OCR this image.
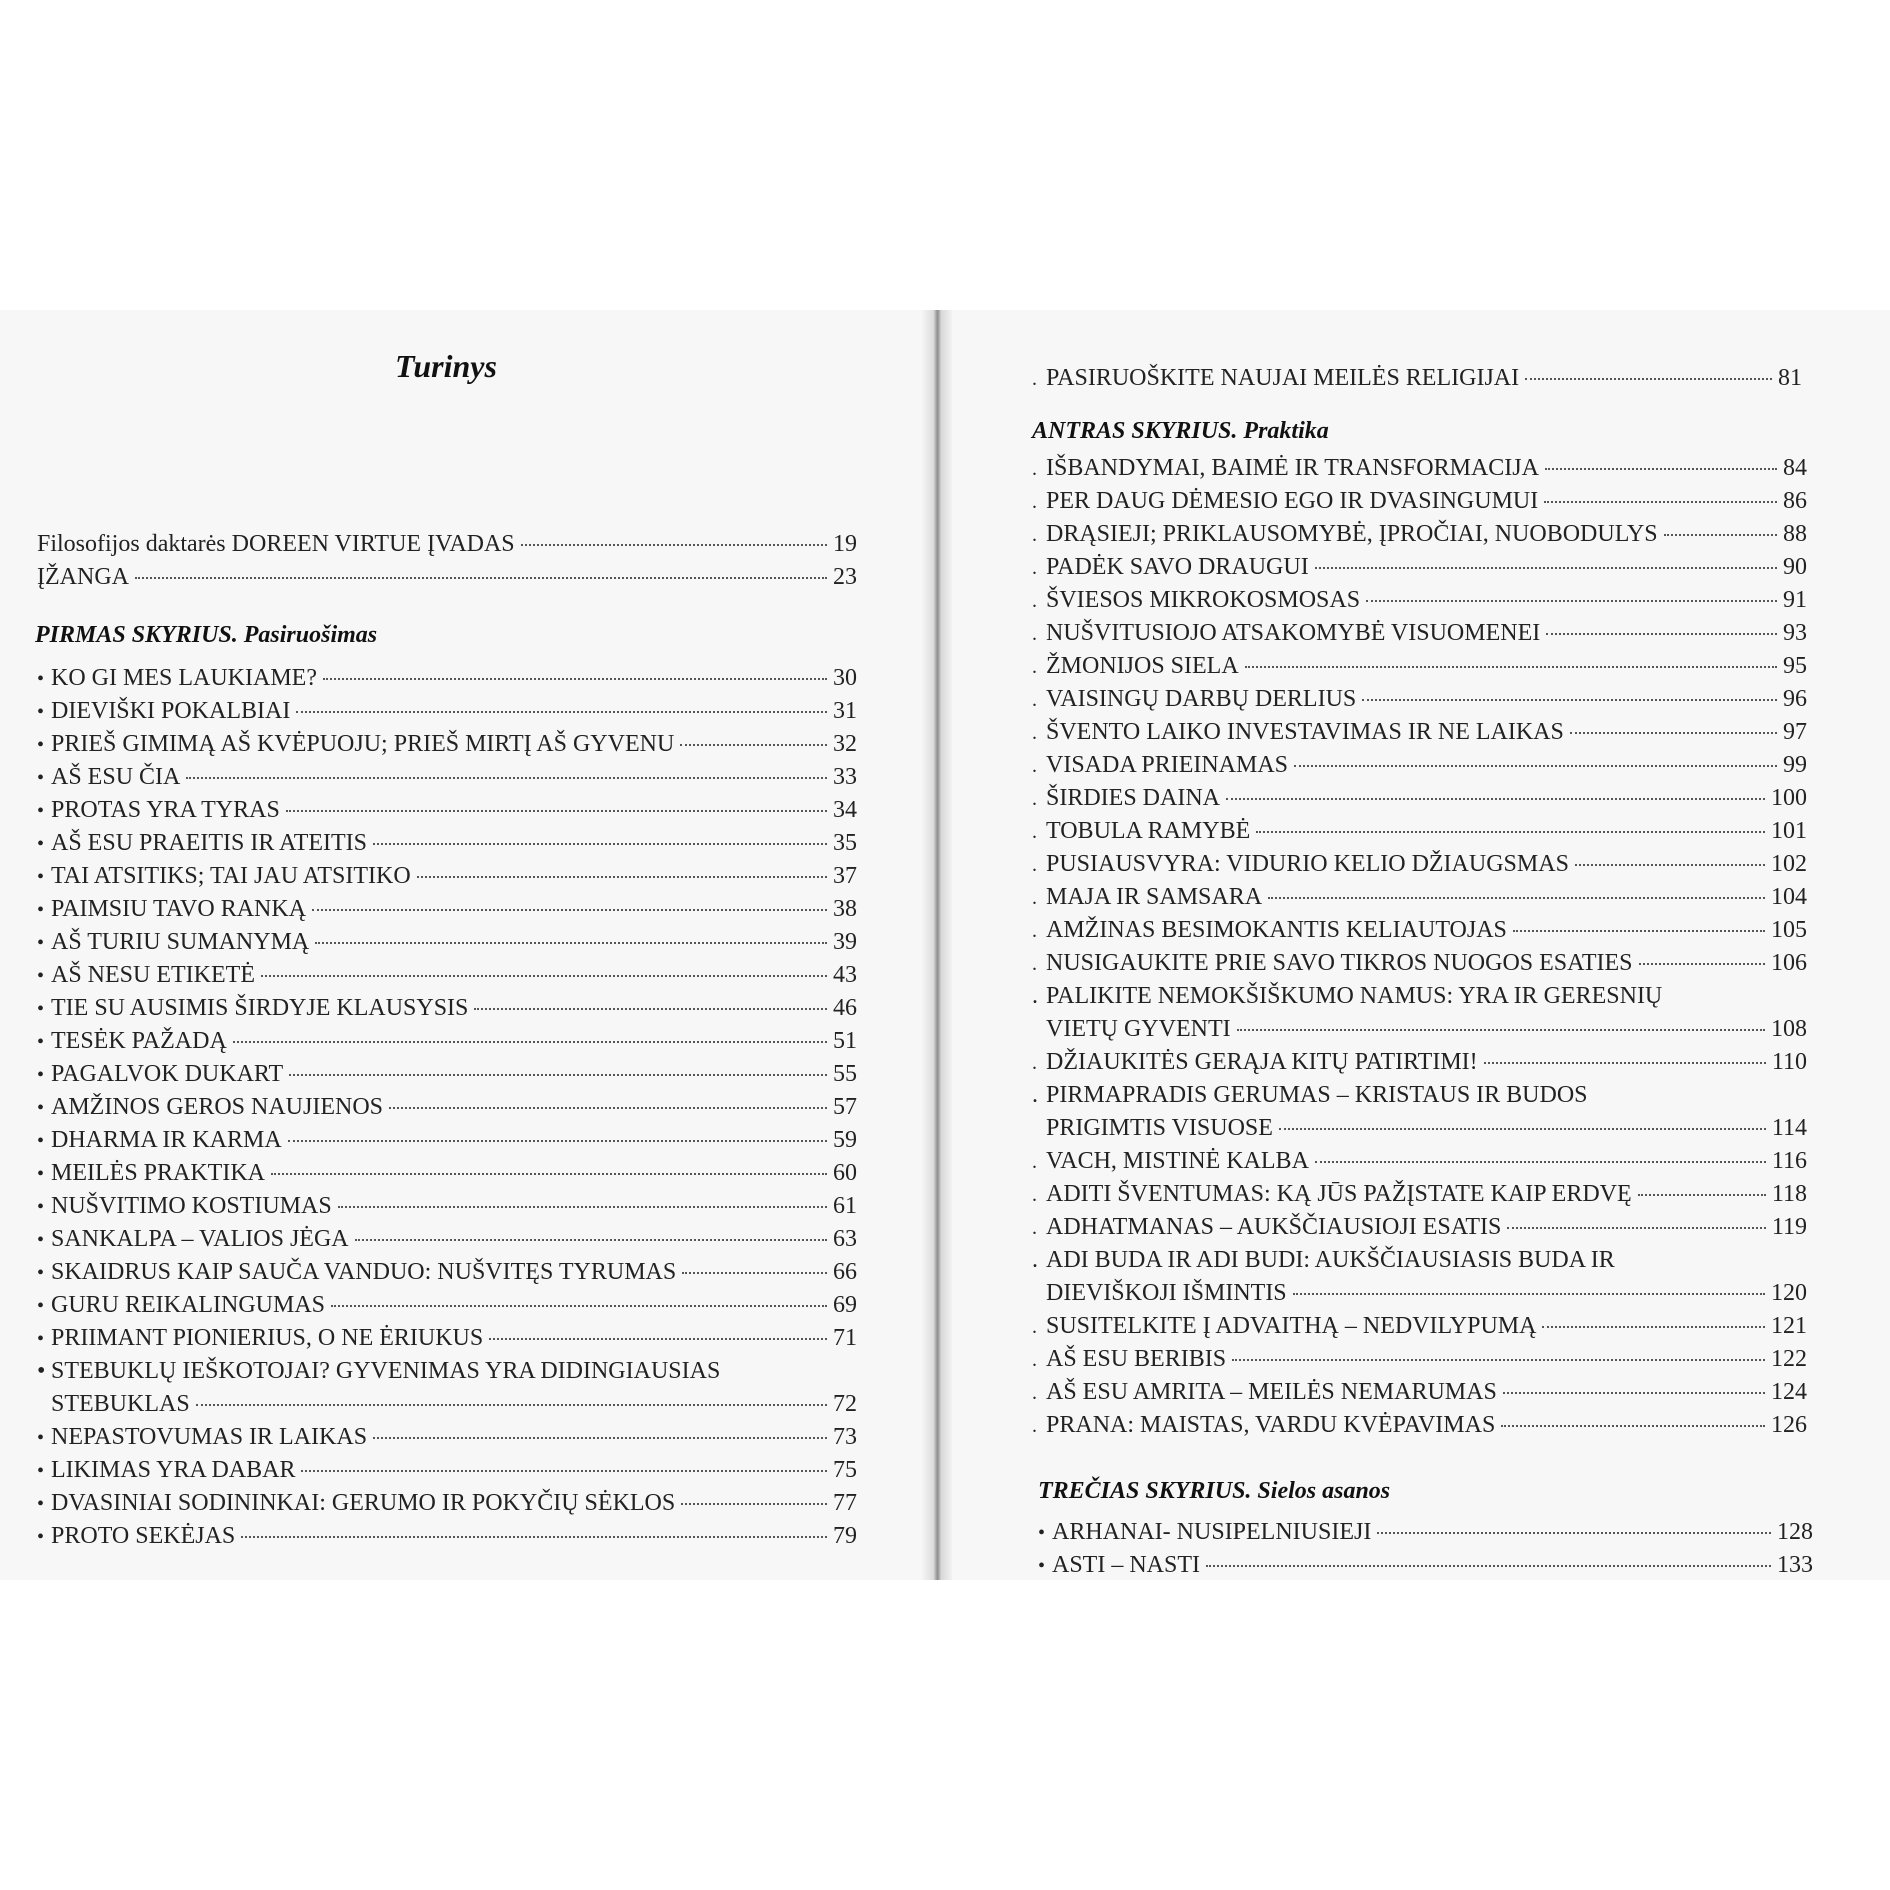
Turinys
Filosofijos daktarės DOREEN VIRTUE ĮVADAS	19
ĮŽANGA	23
PIRMAS SKYRIUS. Pasiruošimas
• KO GI MES LAUKIAME?	30
• DIEVIŠKI POKALBIAI	31
• PRIEŠ GIMIMĄ AŠ KVĖPUOJU; PRIEŠ MIRTĮ AŠ GYVENU	32
• AŠ ESU ČIA	33
• PROTAS YRA TYRAS	34
• AŠ ESU PRAEITIS IR ATEITIS	35
• TAI ATSITIKS; TAI JAU ATSITIKO	37
• PAIMSIU TAVO RANKĄ	38
• AŠ TURIU SUMANYMĄ	39
• AŠ NESU ETIKETĖ	43
• TIE SU AUSIMIS ŠIRDYJE KLAUSYSIS	46
• TESĖK PAŽADĄ	51
• PAGALVOK DUKART	55
• AMŽINOS GEROS NAUJIENOS	57
• DHARMA IR KARMA	59
• MEILĖS PRAKTIKA	60
• NUŠVITIMO KOSTIUMAS	61
• SANKALPA – VALIOS JĖGA	63
• SKAIDRUS KAIP SAUČA VANDUO: NUŠVITĘS TYRUMAS	66
• GURU REIKALINGUMAS	69
• PRIIMANT PIONIERIUS, O NE ĖRIUKUS	71
• STEBUKLŲ IEŠKOTOJAI? GYVENIMAS YRA DIDINGIAUSIAS
STEBUKLAS	72
• NEPASTOVUMAS IR LAIKAS	73
• LIKIMAS YRA DABAR	75
• DVASINIAI SODININKAI: GERUMO IR POKYČIŲ SĖKLOS	77
• PROTO SEKĖJAS	79
. PASIRUOŠKITE NAUJAI MEILĖS RELIGIJAI	81
ANTRAS SKYRIUS. Praktika
. IŠBANDYMAI, BAIMĖ IR TRANSFORMACIJA	84
. PER DAUG DĖMESIO EGO IR DVASINGUMUI	86
. DRĄSIEJI; PRIKLAUSOMYBĖ, ĮPROČIAI, NUOBODULYS	88
. PADĖK SAVO DRAUGUI	90
. ŠVIESOS MIKROKOSMOSAS	91
. NUŠVITUSIOJO ATSAKOMYBĖ VISUOMENEI	93
. ŽMONIJOS SIELA	95
. VAISINGŲ DARBŲ DERLIUS	96
. ŠVENTO LAIKO INVESTAVIMAS IR NE LAIKAS	97
. VISADA PRIEINAMAS	99
. ŠIRDIES DAINA	100
. TOBULA RAMYBĖ	101
. PUSIAUSVYRA: VIDURIO KELIO DŽIAUGSMAS	102
. MAJA IR SAMSARA	104
. AMŽINAS BESIMOKANTIS KELIAUTOJAS	105
. NUSIGAUKITE PRIE SAVO TIKROS NUOGOS ESATIES	106
. PALIKITE NEMOKŠIŠKUMO NAMUS: YRA IR GERESNIŲ
VIETŲ GYVENTI	108
. DŽIAUKITĖS GERĄJA KITŲ PATIRTIMI!	110
. PIRMAPRADIS GERUMAS – KRISTAUS IR BUDOS
PRIGIMTIS VISUOSE	114
. VACH, MISTINĖ KALBA	116
. ADITI ŠVENTUMAS: KĄ JŪS PAŽĮSTATE KAIP ERDVĘ	118
. ADHATMANAS – AUKŠČIAUSIOJI ESATIS	119
. ADI BUDA IR ADI BUDI: AUKŠČIAUSIASIS BUDA IR
DIEVIŠKOJI IŠMINTIS	120
. SUSITELKITE Į ADVAITHĄ – NEDVILYPUMĄ	121
. AŠ ESU BERIBIS	122
. AŠ ESU AMRITA – MEILĖS NEMARUMAS	124
. PRANA: MAISTAS, VARDU KVĖPAVIMAS	126
TREČIAS SKYRIUS. Sielos asanos
• ARHANAI- NUSIPELNIUSIEJI	128
• ASTI – NASTI	133
